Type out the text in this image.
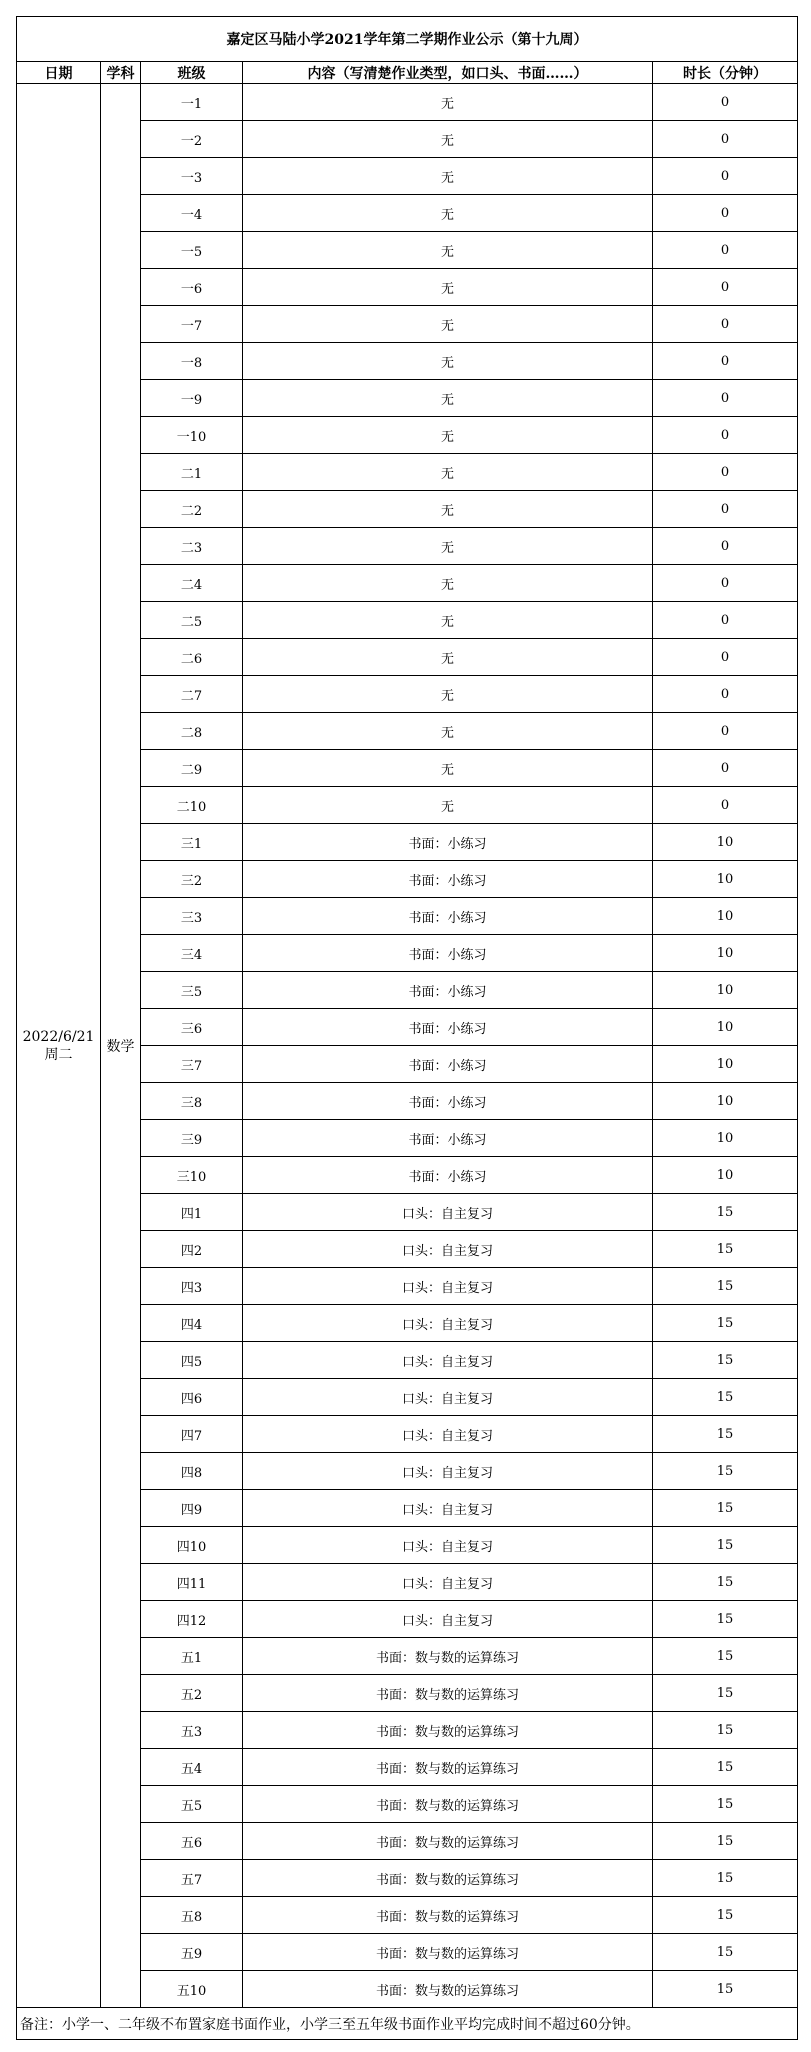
嘉定区马陆小学2021学年第二学期作业公示（第十九周）				
日期	学科	班级	内容（写清楚作业类型，如口头、书面……）	时长（分钟）

2022/6/21
周二	数学	一1	无	0
		一2	无	0
		一3	无	0
		一4	无	0
		一5	无	0
		一6	无	0
		一7	无	0
		一8	无	0
		一9	无	0
		一10	无	0
		二1	无	0
		二2	无	0
		二3	无	0
		二4	无	0
		二5	无	0
		二6	无	0
		二7	无	0
		二8	无	0
		二9	无	0
		二10	无	0
		三1	书面：小练习	10
		三2	书面：小练习	10
		三3	书面：小练习	10
		三4	书面：小练习	10
		三5	书面：小练习	10
		三6	书面：小练习	10
		三7	书面：小练习	10
		三8	书面：小练习	10
		三9	书面：小练习	10
		三10	书面：小练习	10
		四1	口头：自主复习	15
		四2	口头：自主复习	15
		四3	口头：自主复习	15
		四4	口头：自主复习	15
		四5	口头：自主复习	15
		四6	口头：自主复习	15
		四7	口头：自主复习	15
		四8	口头：自主复习	15
		四9	口头：自主复习	15
		四10	口头：自主复习	15
		四11	口头：自主复习	15
		四12	口头：自主复习	15
		五1	书面：数与数的运算练习	15
		五2	书面：数与数的运算练习	15
		五3	书面：数与数的运算练习	15
		五4	书面：数与数的运算练习	15
		五5	书面：数与数的运算练习	15
		五6	书面：数与数的运算练习	15
		五7	书面：数与数的运算练习	15
		五8	书面：数与数的运算练习	15
		五9	书面：数与数的运算练习	15
		五10	书面：数与数的运算练习	15
备注：小学一、二年级不布置家庭书面作业，小学三至五年级书面作业平均完成时间不超过60分钟。				
